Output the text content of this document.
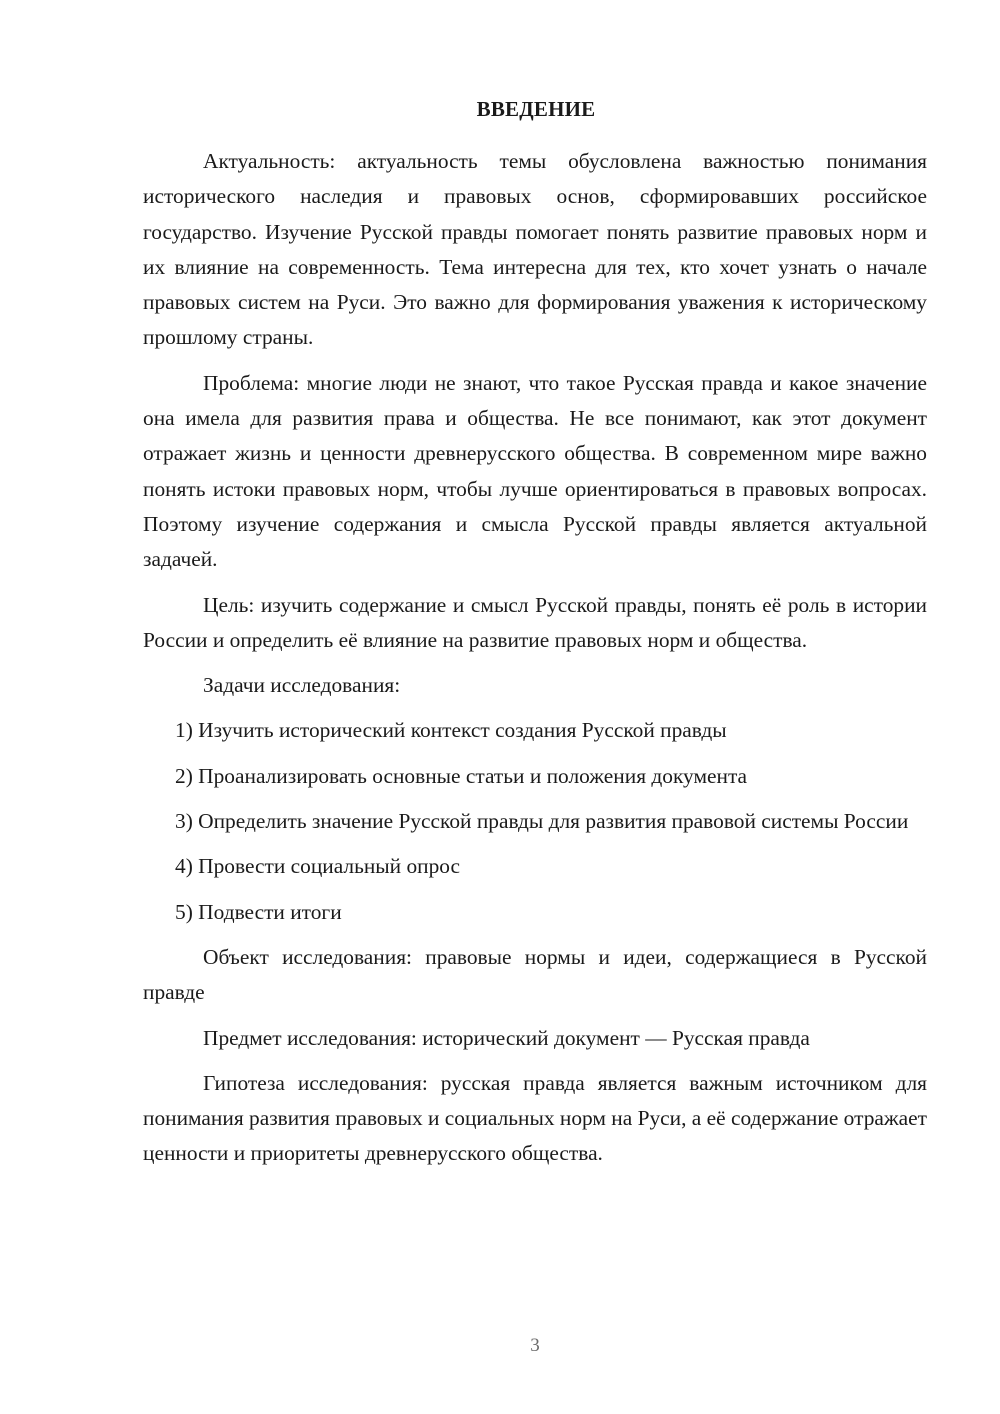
ВВЕДЕНИЕ

Актуальность: актуальность темы обусловлена важностью понимания исторического наследия и правовых основ, сформировавших российское государство. Изучение Русской правды помогает понять развитие правовых норм и их влияние на современность. Тема интересна для тех, кто хочет узнать о начале правовых систем на Руси. Это важно для формирования уважения к историческому прошлому страны.

Проблема: многие люди не знают, что такое Русская правда и какое значение она имела для развития права и общества. Не все понимают, как этот документ отражает жизнь и ценности древнерусского общества. В современном мире важно понять истоки правовых норм, чтобы лучше ориентироваться в правовых вопросах. Поэтому изучение содержания и смысла Русской правды является актуальной задачей.

Цель: изучить содержание и смысл Русской правды, понять её роль в истории России и определить её влияние на развитие правовых норм и общества.

Задачи исследования:

1) Изучить исторический контекст создания Русской правды

2) Проанализировать основные статьи и положения документа

3) Определить значение Русской правды для развития правовой системы России

4) Провести социальный опрос

5) Подвести итоги

Объект исследования: правовые нормы и идеи, содержащиеся в Русской правде

Предмет исследования: исторический документ — Русская правда

Гипотеза исследования: русская правда является важным источником для понимания развития правовых и социальных норм на Руси, а её содержание отражает ценности и приоритеты древнерусского общества.

3
